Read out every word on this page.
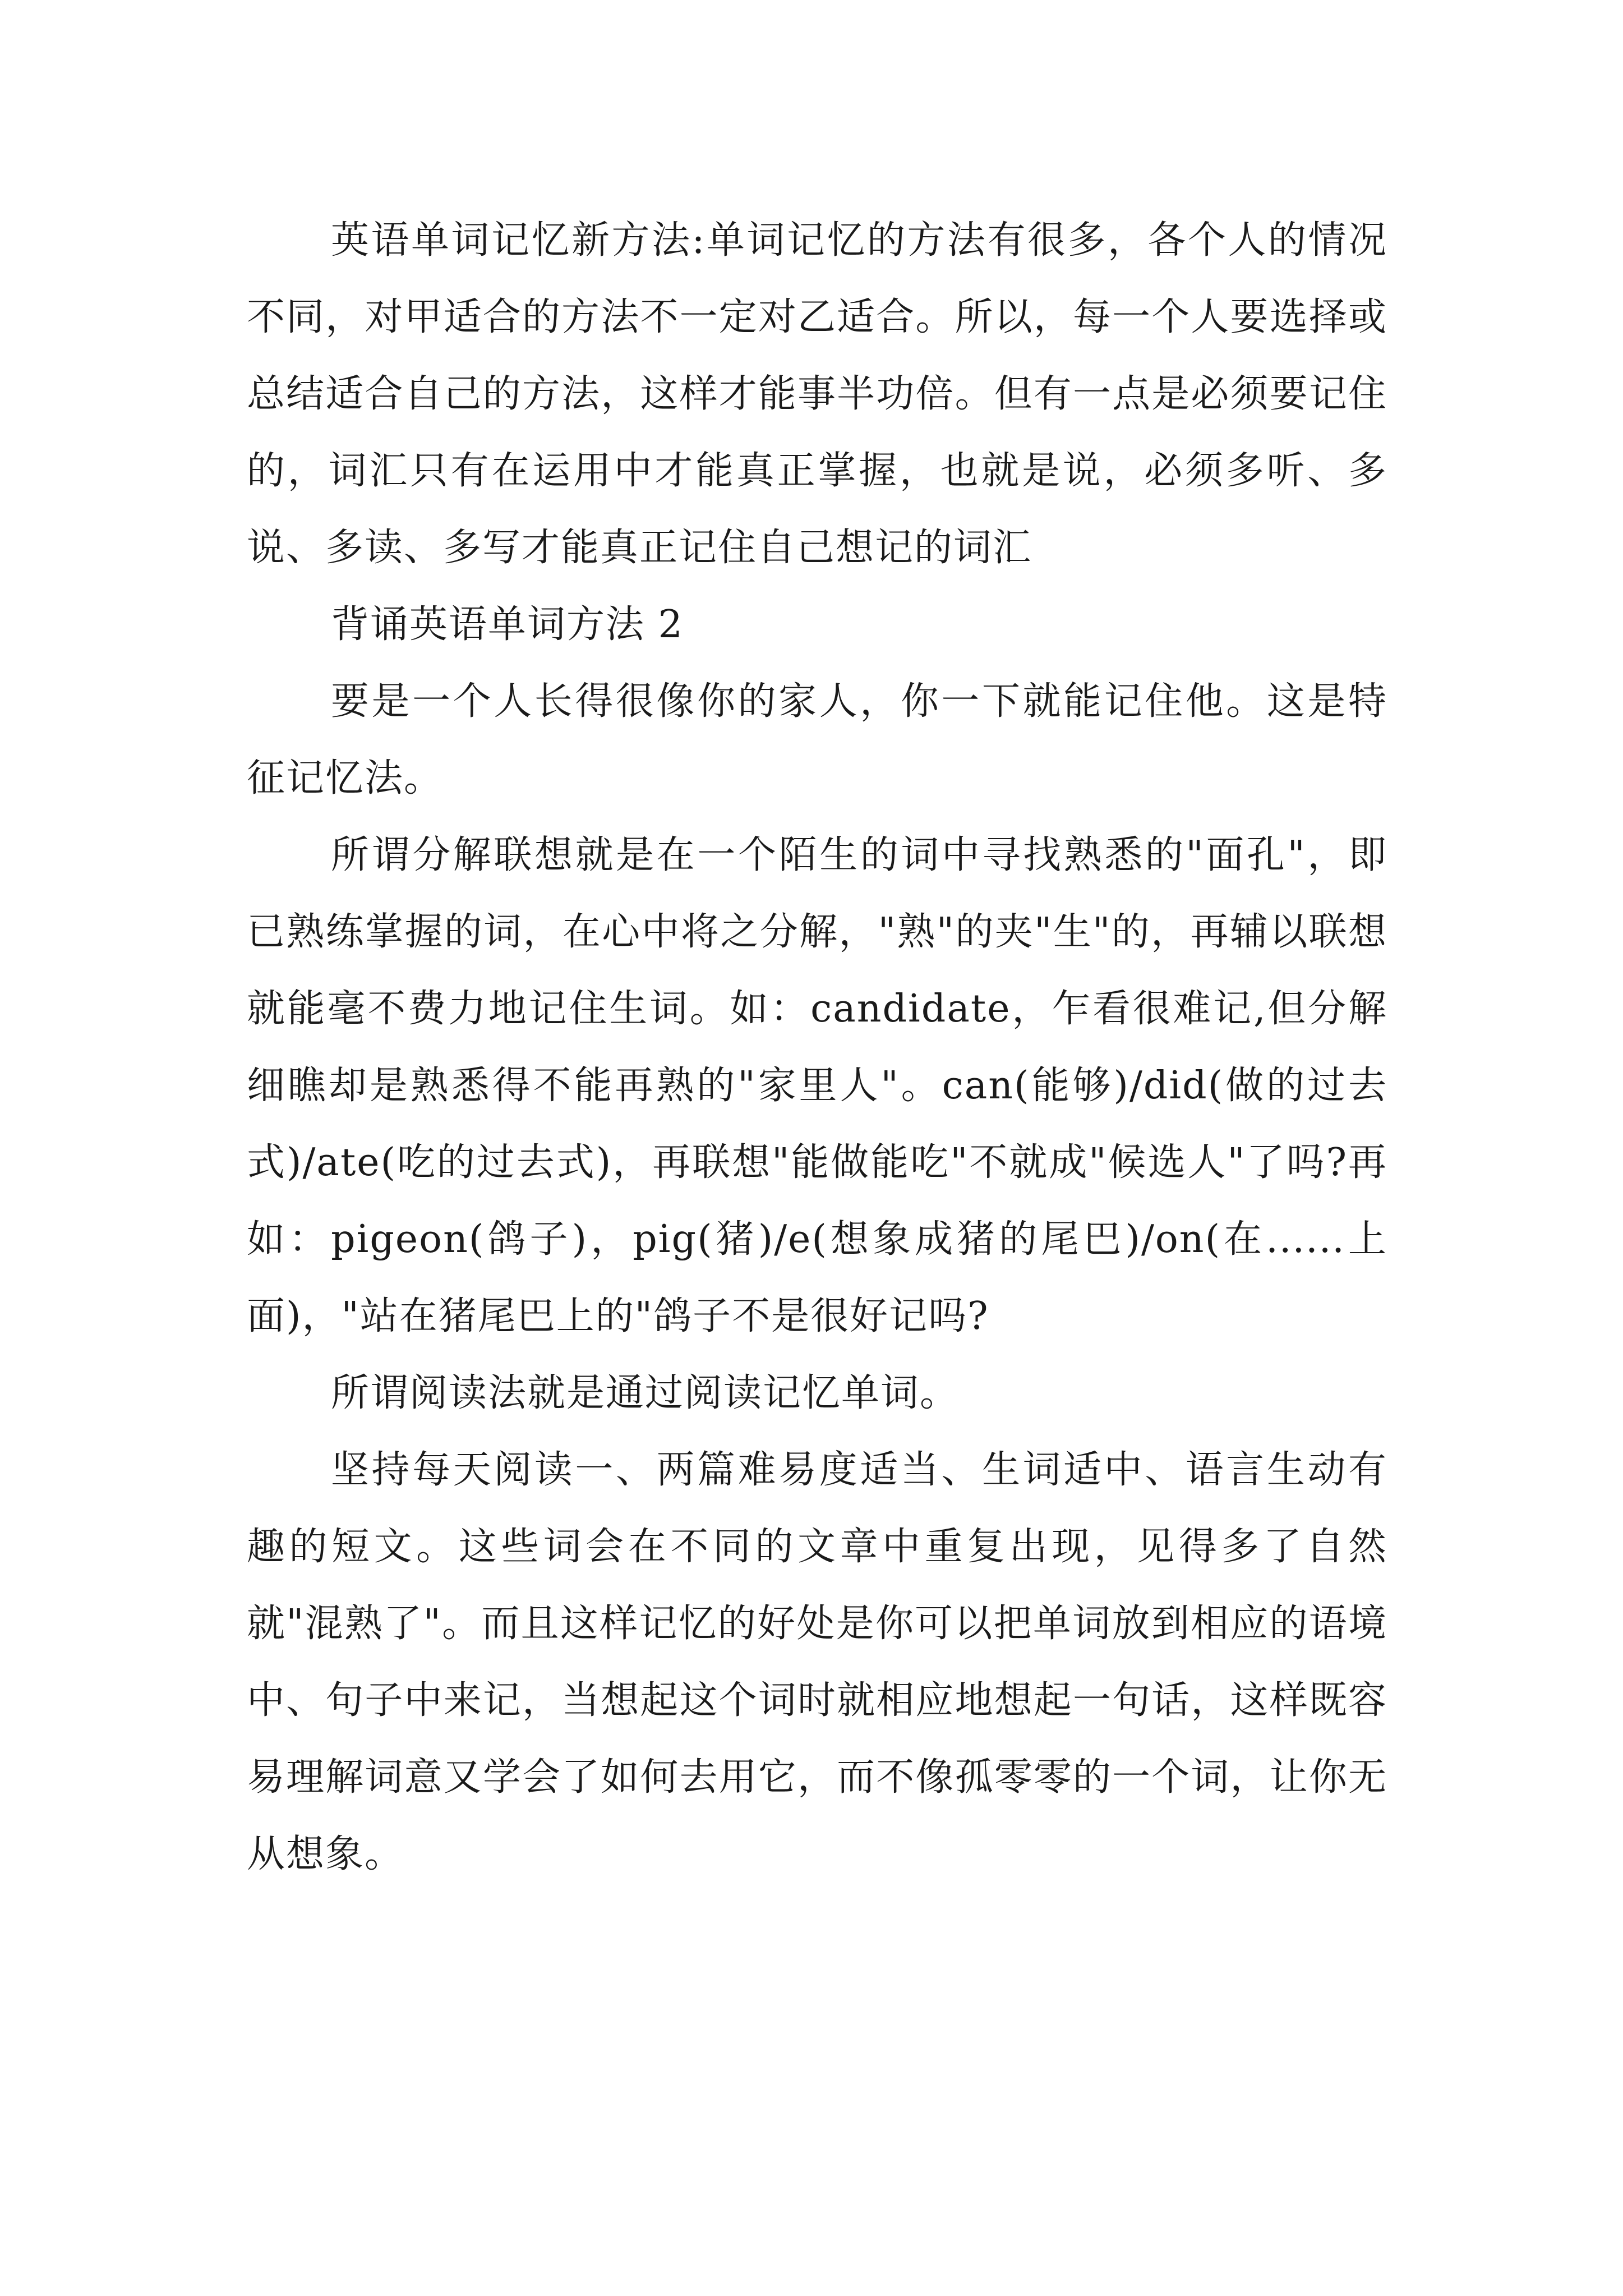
英语单词记忆新方法:单词记忆的方法有很多，各个人的情况不同，对甲适合的方法不一定对乙适合。所以，每一个人要选择或总结适合自己的方法，这样才能事半功倍。但有一点是必须要记住的，词汇只有在运用中才能真正掌握，也就是说，必须多听、多说、多读、多写才能真正记住自己想记的词汇

背诵英语单词方法 2

要是一个人长得很像你的家人，你一下就能记住他。这是特征记忆法。

所谓分解联想就是在一个陌生的词中寻找熟悉的"面孔"，即已熟练掌握的词，在心中将之分解，"熟"的夹"生"的，再辅以联想就能毫不费力地记住生词。如：candidate，乍看很难记,但分解细瞧却是熟悉得不能再熟的"家里人"。can(能够)/did(做的过去式)/ate(吃的过去式)，再联想"能做能吃"不就成"候选人"了吗?再如：pigeon(鸽子)，pig(猪)/e(想象成猪的尾巴)/on(在......上面)，"站在猪尾巴上的"鸽子不是很好记吗?

所谓阅读法就是通过阅读记忆单词。

坚持每天阅读一、两篇难易度适当、生词适中、语言生动有趣的短文。这些词会在不同的文章中重复出现，见得多了自然就"混熟了"。而且这样记忆的好处是你可以把单词放到相应的语境中、句子中来记，当想起这个词时就相应地想起一句话，这样既容易理解词意又学会了如何去用它，而不像孤零零的一个词，让你无从想象。
